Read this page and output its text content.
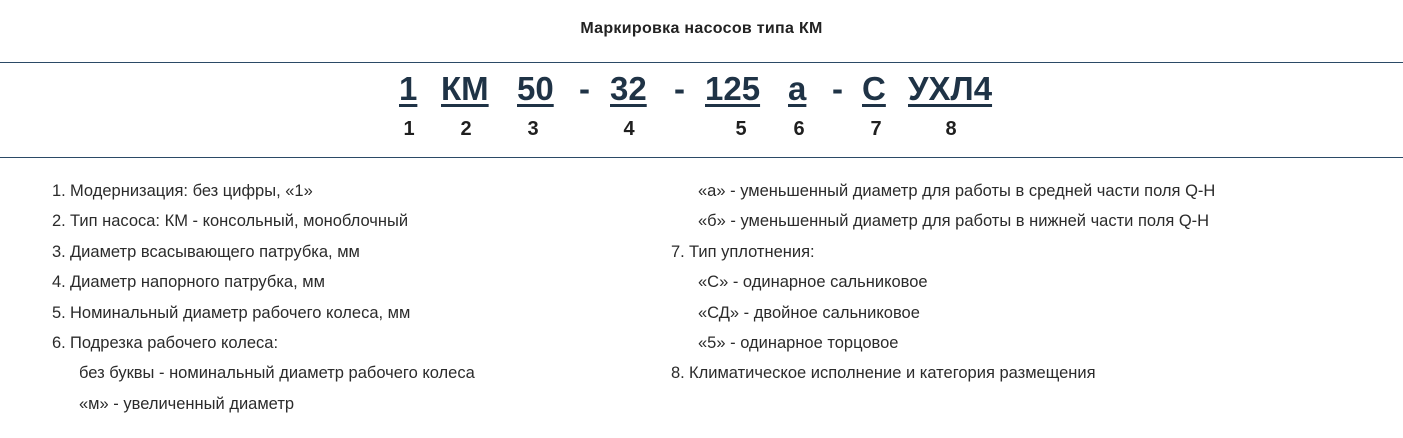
Маркировка насосов типа КМ
1 КМ 50 - 32 - 125 а - С УХЛ4
1	2	3	4	5	6	7	8
1. Модернизация: без цифры, «1»
2. Тип насоса: КМ - консольный, моноблочный
3. Диаметр всасывающего патрубка, мм
4. Диаметр напорного патрубка, мм
5. Номинальный диаметр рабочего колеса, мм
6. Подрезка рабочего колеса:
без буквы - номинальный диаметр рабочего колеса
«м» - увеличенный диаметр
«а» - уменьшенный диаметр для работы в средней части поля Q-H
«б» - уменьшенный диаметр для работы в нижней части поля Q-H
7. Тип уплотнения:
«С» - одинарное сальниковое
«СД» - двойное сальниковое
«5» - одинарное торцовое
8. Климатическое исполнение и категория размещения
